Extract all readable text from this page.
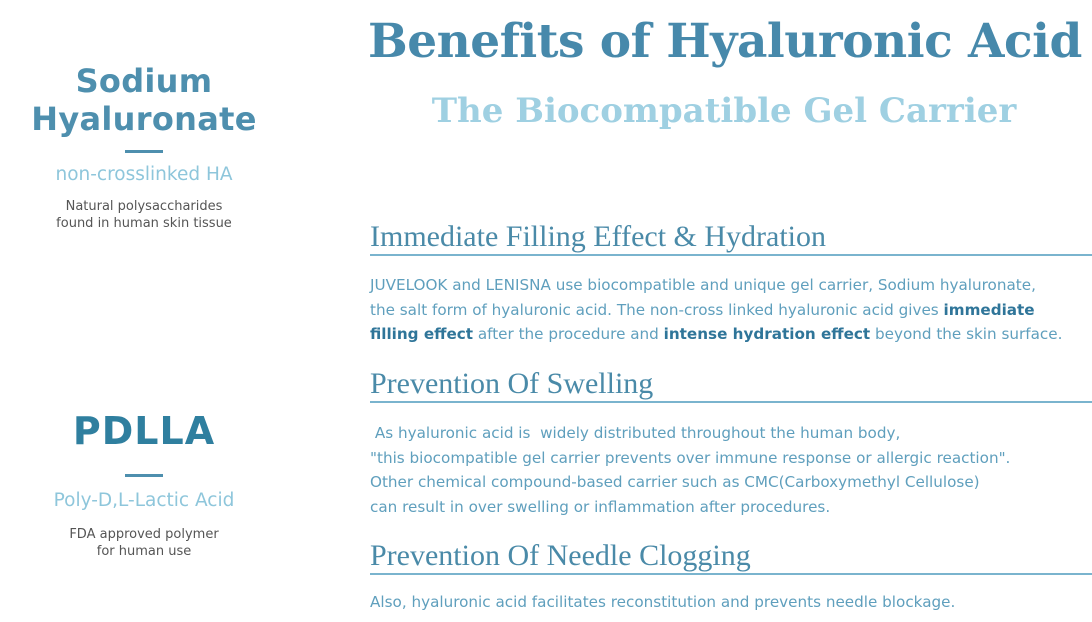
Sodium
Hyaluronate
non-crosslinked HA
Natural polysaccharides
found in human skin tissue
PDLLA
Poly-D,L-Lactic Acid
FDA approved polymer
for human use
Benefits of Hyaluronic Acid
The Biocompatible Gel Carrier
Immediate Filling Effect & Hydration
JUVELOOK and LENISNA use biocompatible and unique gel carrier, Sodium hyaluronate,
the salt form of hyaluronic acid. The non-cross linked hyaluronic acid gives immediate
filling effect after the procedure and intense hydration effect beyond the skin surface.
Prevention Of Swelling
As hyaluronic acid is  widely distributed throughout the human body,
"this biocompatible gel carrier prevents over immune response or allergic reaction".
Other chemical compound-based carrier such as CMC(Carboxymethyl Cellulose)
can result in over swelling or inflammation after procedures.
Prevention Of Needle Clogging
Also, hyaluronic acid facilitates reconstitution and prevents needle blockage.
